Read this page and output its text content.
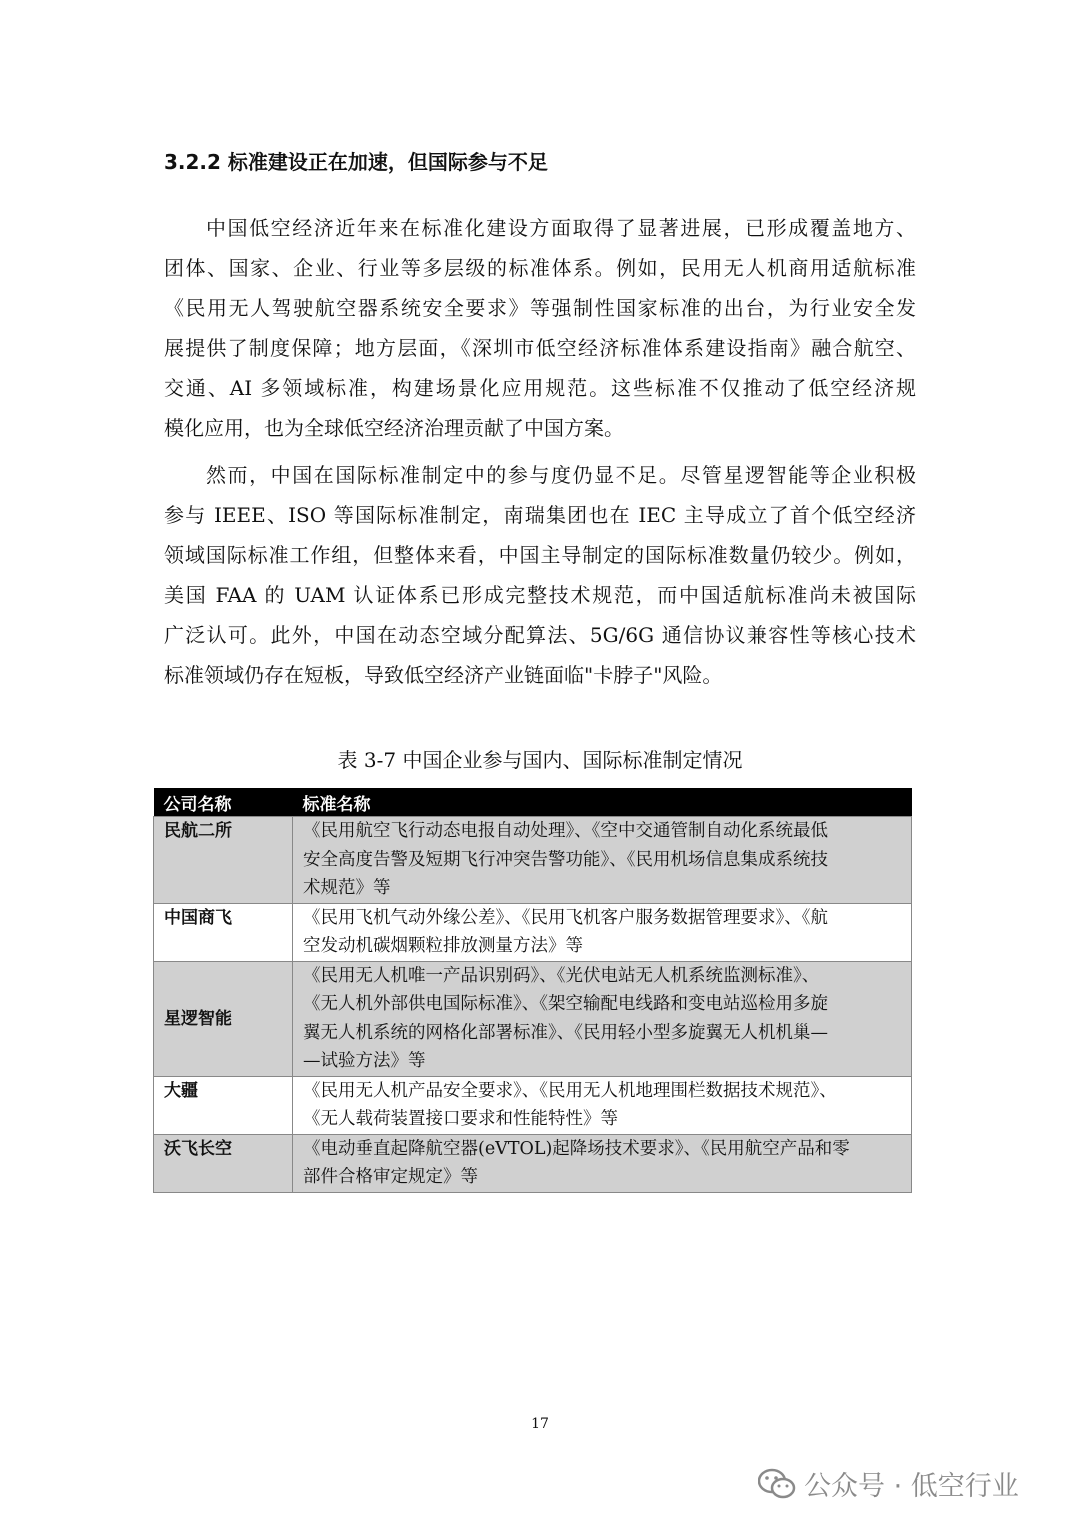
3.2.2 标准建设正在加速，但国际参与不足
中国低空经济近年来在标准化建设方面取得了显著进展，已形成覆盖地方、
团体、国家、企业、行业等多层级的标准体系。例如，民用无人机商用适航标准
《民用无人驾驶航空器系统安全要求》等强制性国家标准的出台，为行业安全发
展提供了制度保障；地方层面，《深圳市低空经济标准体系建设指南》融合航空、
交通、AI 多领域标准，构建场景化应用规范。这些标准不仅推动了低空经济规
模化应用，也为全球低空经济治理贡献了中国方案。
然而，中国在国际标准制定中的参与度仍显不足。尽管星逻智能等企业积极
参与 IEEE、ISO 等国际标准制定，南瑞集团也在 IEC 主导成立了首个低空经济
领域国际标准工作组，但整体来看，中国主导制定的国际标准数量仍较少。例如，
美国 FAA 的 UAM 认证体系已形成完整技术规范，而中国适航标准尚未被国际
广泛认可。此外，中国在动态空域分配算法、5G/6G 通信协议兼容性等核心技术
标准领域仍存在短板，导致低空经济产业链面临"卡脖子"风险。
表 3-7 中国企业参与国内、国际标准制定情况
公司名称	标准名称
民航二所	《民用航空飞行动态电报自动处理》、《空中交通管制自动化系统最低
安全高度告警及短期飞行冲突告警功能》、《民用机场信息集成系统技
术规范》等

中国商飞	《民用飞机气动外缘公差》、《民用飞机客户服务数据管理要求》、《航
空发动机碳烟颗粒排放测量方法》等

星逻智能	《民用无人机唯一产品识别码》、《光伏电站无人机系统监测标准》、
《无人机外部供电国际标准》、《架空输配电线路和变电站巡检用多旋
翼无人机系统的网格化部署标准》、《民用轻小型多旋翼无人机机巢—
—试验方法》等

大疆	《民用无人机产品安全要求》、《民用无人机地理围栏数据技术规范》、
《无人载荷装置接口要求和性能特性》等

沃飞长空	《电动垂直起降航空器(eVTOL)起降场技术要求》、《民用航空产品和零
部件合格审定规定》等
17
公众号 · 低空行业
